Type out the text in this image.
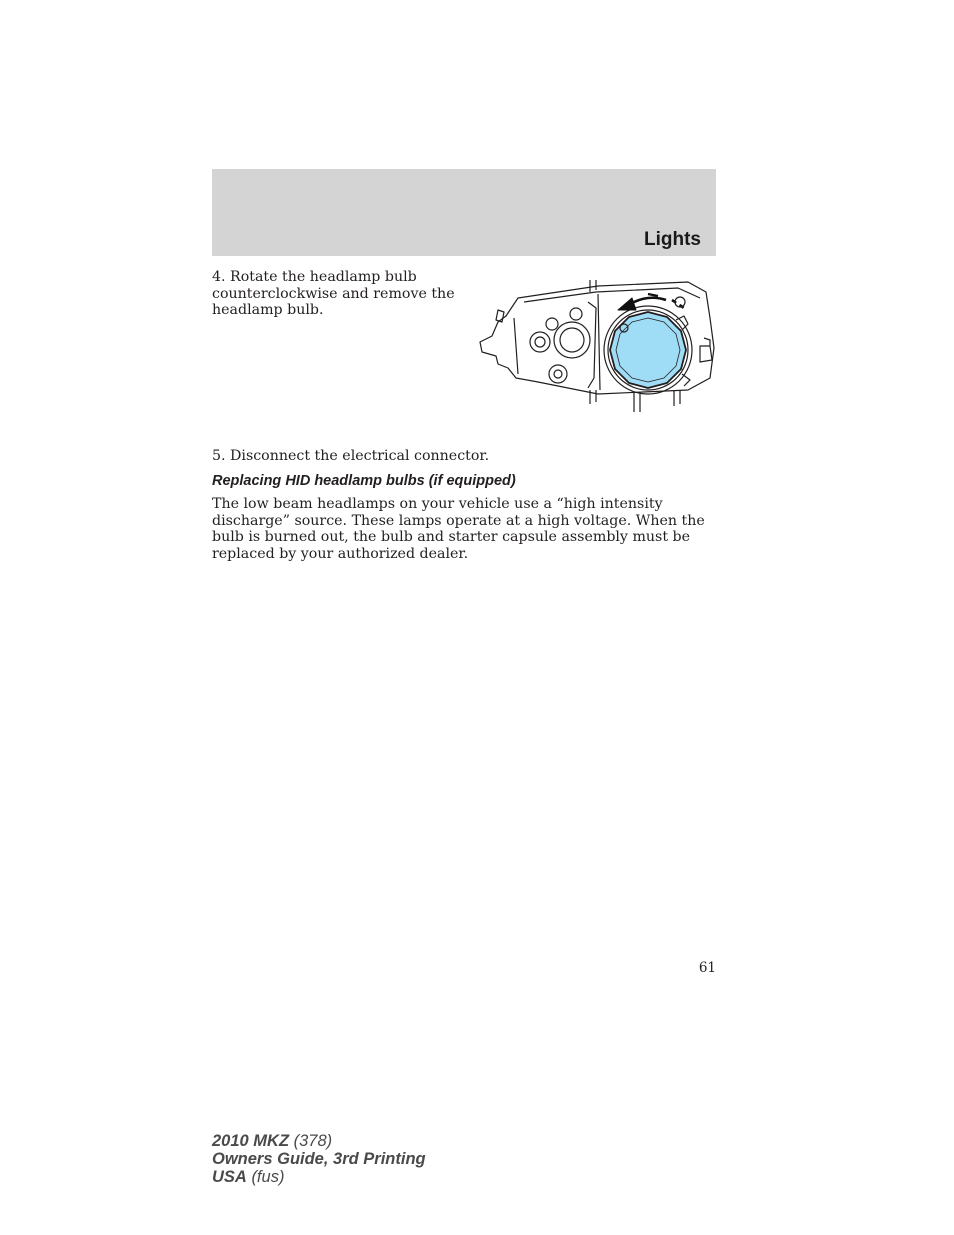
Lights

4. Rotate the headlamp bulb counterclockwise and remove the headlamp bulb.

5. Disconnect the electrical connector.

Replacing HID headlamp bulbs (if equipped)

The low beam headlamps on your vehicle use a “high intensity discharge” source. These lamps operate at a high voltage. When the bulb is burned out, the bulb and starter capsule assembly must be replaced by your authorized dealer.

61
2010 MKZ (378)
Owners Guide, 3rd Printing
USA (fus)
